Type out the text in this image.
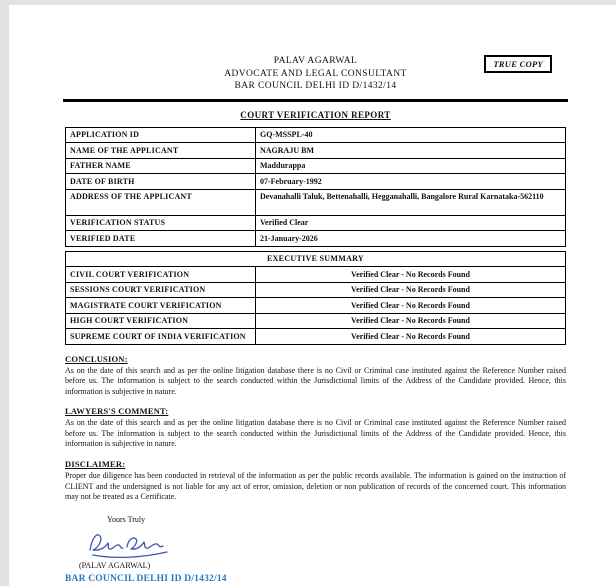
PALAV AGARWAL
ADVOCATE AND LEGAL CONSULTANT
BAR COUNCIL DELHI ID D/1432/14
TRUE COPY
COURT VERIFICATION REPORT
APPLICATION ID	GQ-MSSPL-40
NAME OF THE APPLICANT	NAGRAJU BM
FATHER NAME	Maddurappa
DATE OF BIRTH	07-February-1992
ADDRESS OF THE APPLICANT	Devanahalli Taluk, Bettenahalli, Hegganahalli, Bangalore Rural Karnataka-562110
VERIFICATION STATUS	Verified Clear
VERIFIED DATE	21-January-2026
EXECUTIVE SUMMARY	
CIVIL COURT VERIFICATION	Verified Clear - No Records Found
SESSIONS COURT VERIFICATION	Verified Clear - No Records Found
MAGISTRATE COURT VERIFICATION	Verified Clear - No Records Found
HIGH COURT VERIFICATION	Verified Clear - No Records Found
SUPREME COURT OF INDIA VERIFICATION	Verified Clear - No Records Found
CONCLUSION:
As on the date of this search and as per the online litigation database there is no Civil or Criminal case instituted against the Reference Number raised before us. The information is subject to the search conducted within the Jurisdictional limits of the Address of the Candidate provided. Hence, this information is subjective in nature.
LAWYERS'S COMMENT:
As on the date of this search and as per the online litigation database there is no Civil or Criminal case instituted against the Reference Number raised before us. The information is subject to the search conducted within the Jurisdictional limits of the Address of the Candidate provided. Hence, this information is subjective in nature.
DISCLAIMER:
Proper due diligence has been conducted in retrieval of the information as per the public records available. The information is gained on the instruction of CLIENT and the undersigned is not liable for any act of error, omission, deletion or non publication of records of the concerned court. This information may not be treated as a Certificate.
Yours Truly
(PALAV AGARWAL)
BAR COUNCIL DELHI ID D/1432/14
